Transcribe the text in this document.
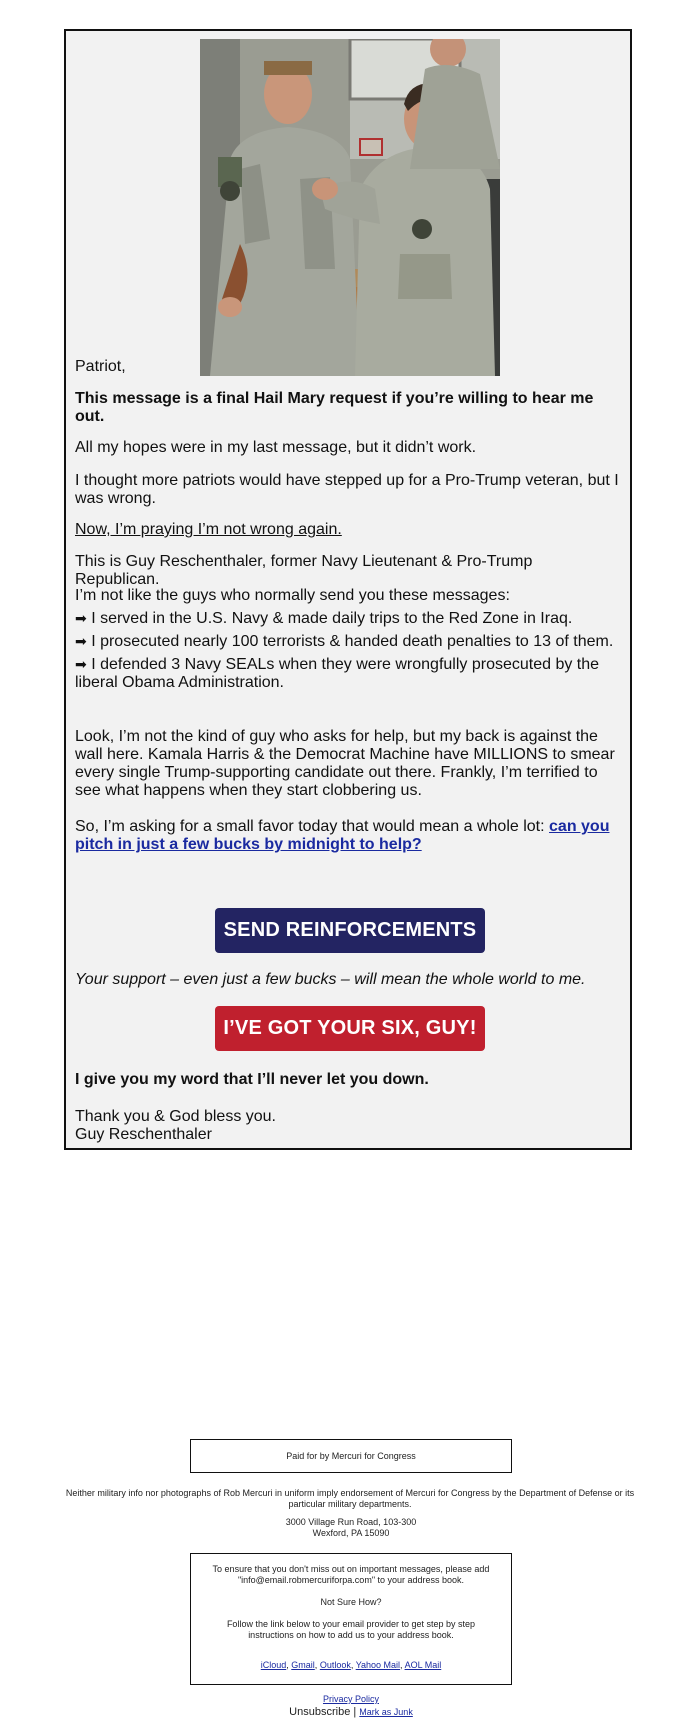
Patriot,
This message is a final Hail Mary request if you’re willing to hear me out.
All my hopes were in my last message, but it didn’t work.
I thought more patriots would have stepped up for a Pro-Trump veteran, but I was wrong.
Now, I’m praying I’m not wrong again.
This is Guy Reschenthaler, former Navy Lieutenant & Pro-Trump Republican.
I’m not like the guys who normally send you these messages:
➡ I served in the U.S. Navy & made daily trips to the Red Zone in Iraq.
➡ I prosecuted nearly 100 terrorists & handed death penalties to 13 of them.
➡ I defended 3 Navy SEALs when they were wrongfully prosecuted by the liberal Obama Administration.
Look, I’m not the kind of guy who asks for help, but my back is against the wall here. Kamala Harris & the Democrat Machine have MILLIONS to smear every single Trump-supporting candidate out there. Frankly, I’m terrified to see what happens when they start clobbering us.
So, I’m asking for a small favor today that would mean a whole lot: can you pitch in just a few bucks by midnight to help?
SEND REINFORCEMENTS
Your support – even just a few bucks – will mean the whole world to me.
I’VE GOT YOUR SIX, GUY!
I give you my word that I’ll never let you down.
Thank you & God bless you.
Guy Reschenthaler
Paid for by Mercuri for Congress
Neither military info nor photographs of Rob Mercuri in uniform imply endorsement of Mercuri for Congress by the Department of Defense or its particular military departments.
3000 Village Run Road, 103-300
Wexford, PA 15090
To ensure that you don't miss out on important messages, please add "info@email.robmercuriforpa.com" to your address book.
Not Sure How?
Follow the link below to your email provider to get step by step instructions on how to add us to your address book.
iCloud, Gmail, Outlook, Yahoo Mail, AOL Mail
Privacy Policy
Unsubscribe | Mark as Junk
